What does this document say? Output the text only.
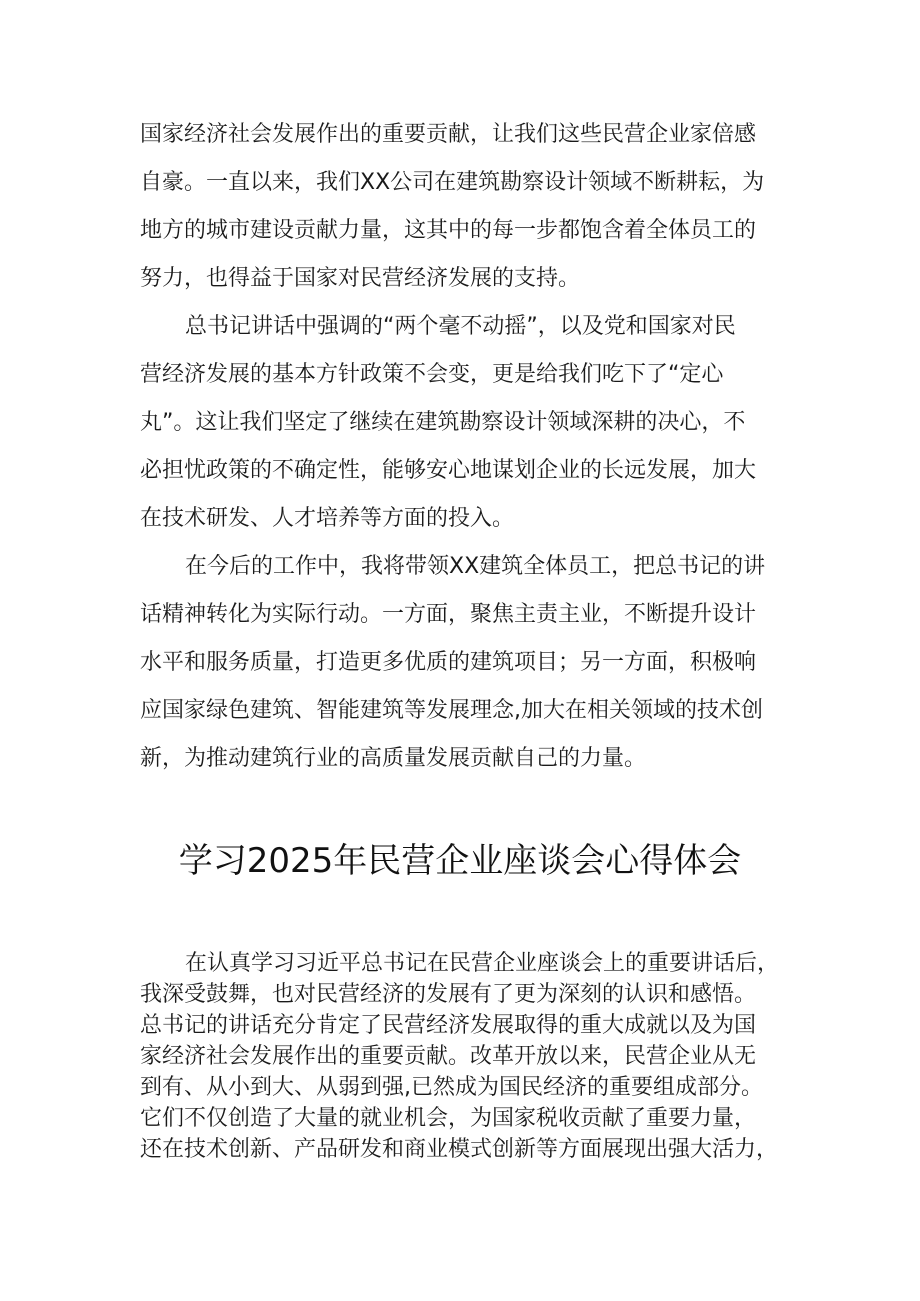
国家经济社会发展作出的重要贡献，让我们这些民营企业家倍感

自豪。一直以来，我们XX公司在建筑勘察设计领域不断耕耘，为

地方的城市建设贡献力量，这其中的每一步都饱含着全体员工的

努力，也得益于国家对民营经济发展的支持。

总书记讲话中强调的“两个毫不动摇”，以及党和国家对民

营经济发展的基本方针政策不会变，更是给我们吃下了“定心

丸”。这让我们坚定了继续在建筑勘察设计领域深耕的决心，不

必担忧政策的不确定性，能够安心地谋划企业的长远发展，加大

在技术研发、人才培养等方面的投入。

在今后的工作中，我将带领XX建筑全体员工，把总书记的讲

话精神转化为实际行动。一方面，聚焦主责主业，不断提升设计

水平和服务质量，打造更多优质的建筑项目；另一方面，积极响

应国家绿色建筑、智能建筑等发展理念,加大在相关领域的技术创

新，为推动建筑行业的高质量发展贡献自己的力量。

学习2025年民营企业座谈会心得体会

在认真学习习近平总书记在民营企业座谈会上的重要讲话后，

我深受鼓舞，也对民营经济的发展有了更为深刻的认识和感悟。

总书记的讲话充分肯定了民营经济发展取得的重大成就以及为国

家经济社会发展作出的重要贡献。改革开放以来，民营企业从无

到有、从小到大、从弱到强,已然成为国民经济的重要组成部分。

它们不仅创造了大量的就业机会，为国家税收贡献了重要力量，

还在技术创新、产品研发和商业模式创新等方面展现出强大活力，
